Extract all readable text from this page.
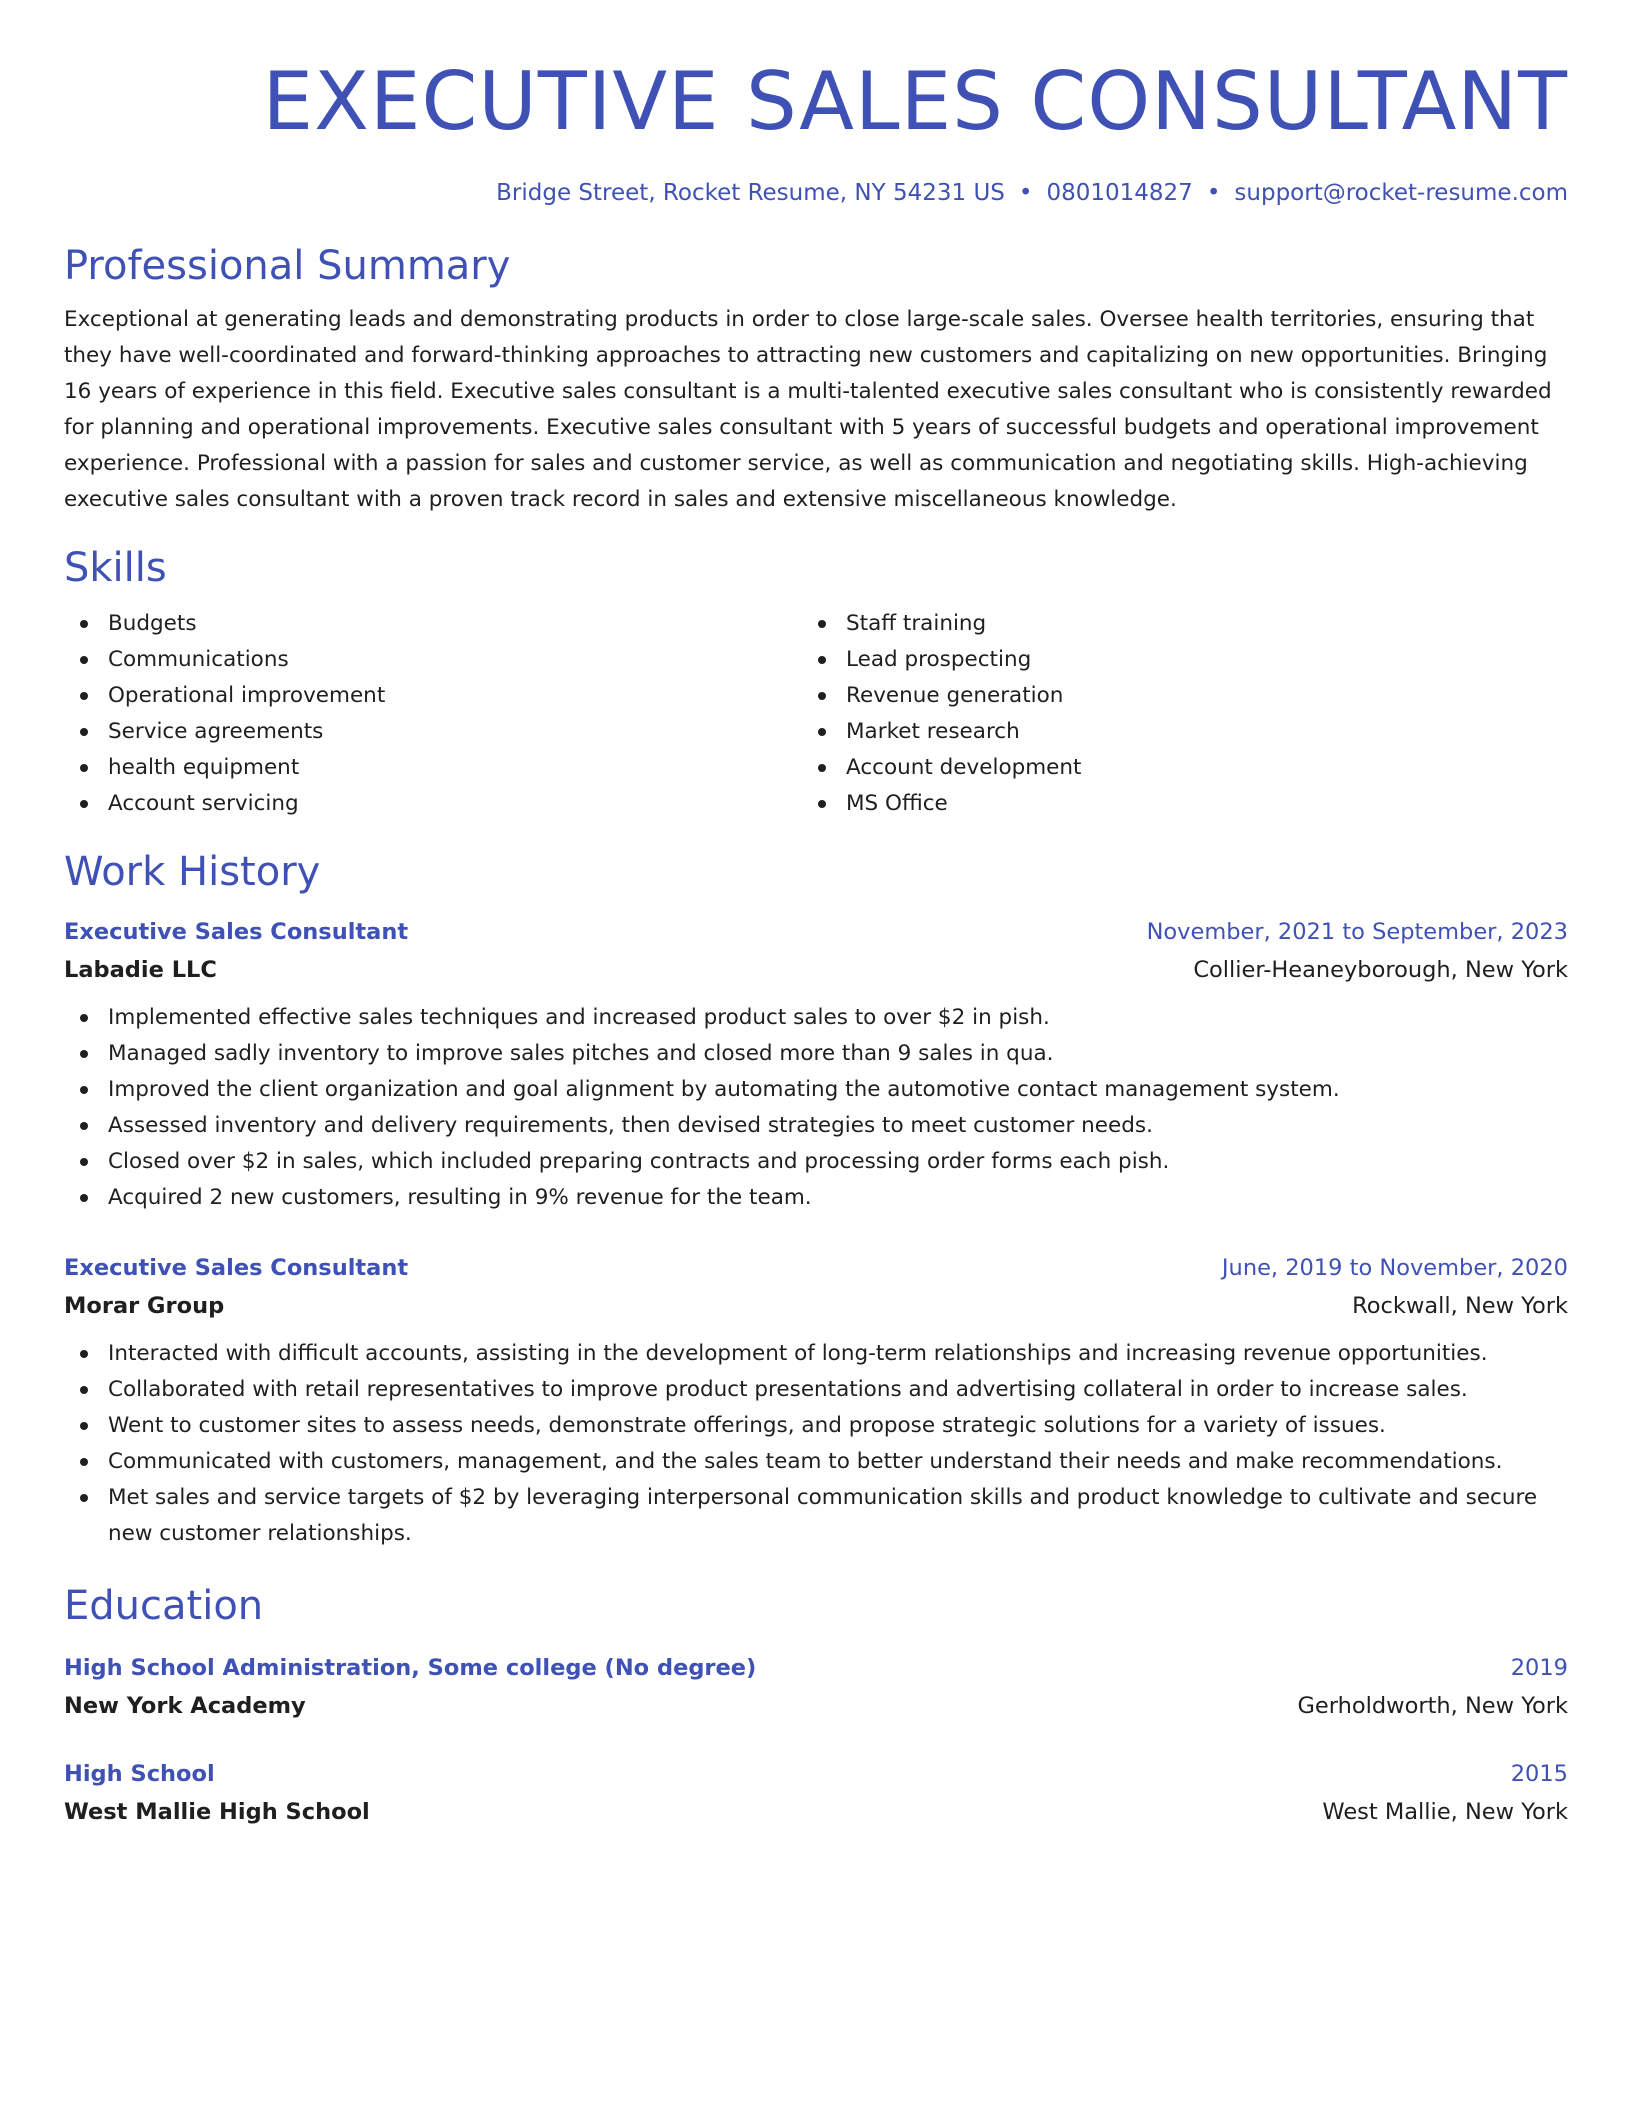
EXECUTIVE SALES CONSULTANT
Bridge Street, Rocket Resume, NY 54231 US • 0801014827 • support@rocket-resume.com
Professional Summary
Exceptional at generating leads and demonstrating products in order to close large-scale sales. Oversee health territories, ensuring that they have well-coordinated and forward-thinking approaches to attracting new customers and capitalizing on new opportunities. Bringing 16 years of experience in this field. Executive sales consultant is a multi-talented executive sales consultant who is consistently rewarded for planning and operational improvements. Executive sales consultant with 5 years of successful budgets and operational improvement experience. Professional with a passion for sales and customer service, as well as communication and negotiating skills. High-achieving executive sales consultant with a proven track record in sales and extensive miscellaneous knowledge.
Skills
Budgets
Communications
Operational improvement
Service agreements
health equipment
Account servicing
Staff training
Lead prospecting
Revenue generation
Market research
Account development
MS Office
Work History
Executive Sales Consultant	November, 2021 to September, 2023
Labadie LLC	Collier-Heaneyborough, New York
Implemented effective sales techniques and increased product sales to over $2 in pish.
Managed sadly inventory to improve sales pitches and closed more than 9 sales in qua.
Improved the client organization and goal alignment by automating the automotive contact management system.
Assessed inventory and delivery requirements, then devised strategies to meet customer needs.
Closed over $2 in sales, which included preparing contracts and processing order forms each pish.
Acquired 2 new customers, resulting in 9% revenue for the team.
Executive Sales Consultant	June, 2019 to November, 2020
Morar Group	Rockwall, New York
Interacted with difficult accounts, assisting in the development of long-term relationships and increasing revenue opportunities.
Collaborated with retail representatives to improve product presentations and advertising collateral in order to increase sales.
Went to customer sites to assess needs, demonstrate offerings, and propose strategic solutions for a variety of issues.
Communicated with customers, management, and the sales team to better understand their needs and make recommendations.
Met sales and service targets of $2 by leveraging interpersonal communication skills and product knowledge to cultivate and secure new customer relationships.
Education
High School Administration, Some college (No degree)	2019
New York Academy	Gerholdworth, New York
High School	2015
West Mallie High School	West Mallie, New York
